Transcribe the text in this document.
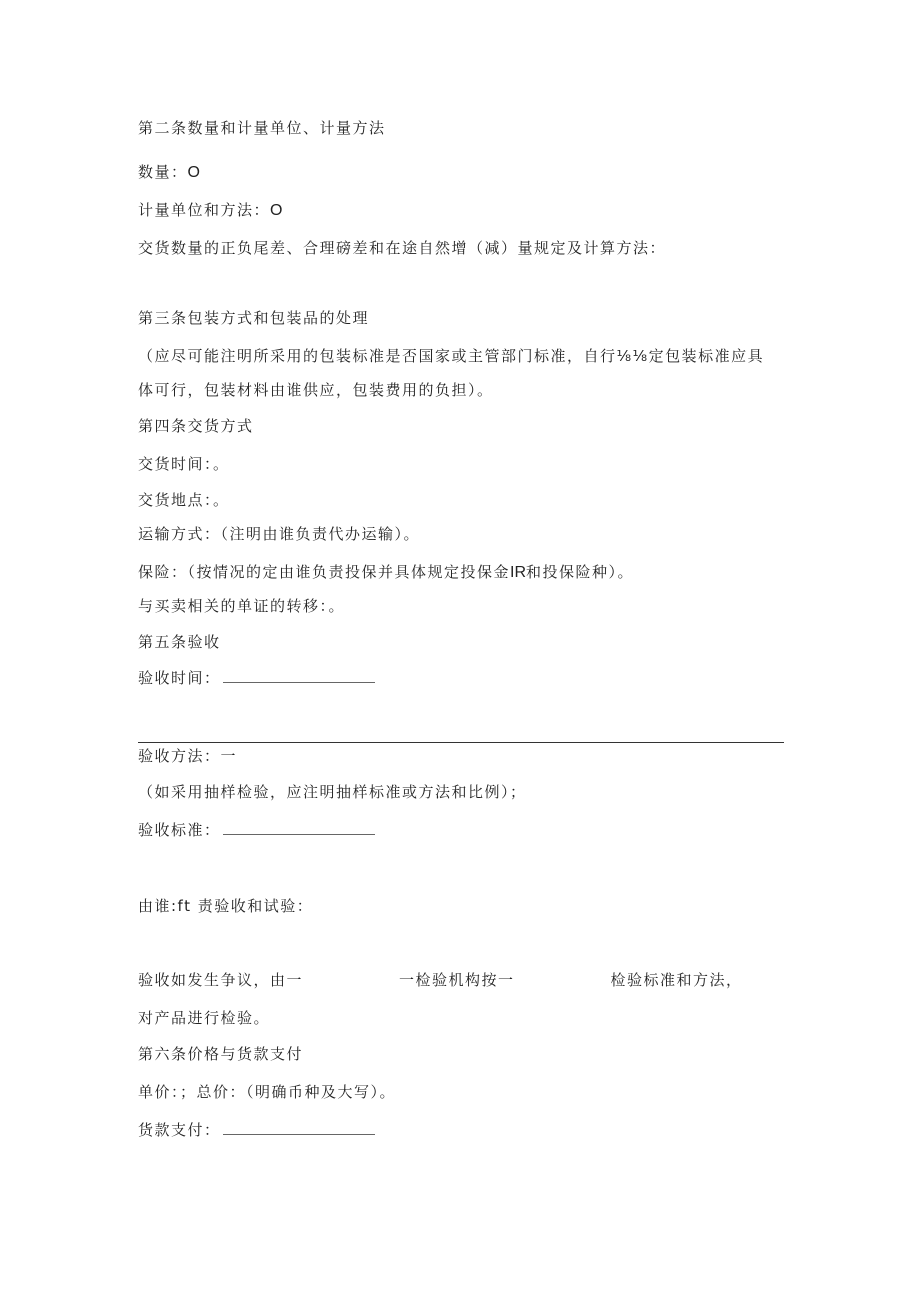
第二条数量和计量单位、计量方法
数量：O
计量单位和方法：O
交货数量的正负尾差、合理磅差和在途自然增（减）量规定及计算方法：
第三条包装方式和包装品的处理
（应尽可能注明所采用的包装标准是否国家或主管部门标准，自行⅛⅛定包装标准应具
体可行，包装材料由谁供应，包装费用的负担）。
第四条交货方式
交货时间：。
交货地点：。
运输方式：（注明由谁负责代办运输）。
保险：（按情况的定由谁负责投保并具体规定投保金IR和投保险种）。
与买卖相关的单证的转移：。
第五条验收
验收时间：
验收方法：一
（如采用抽样检验，应注明抽样标准或方法和比例）；
验收标准：
由谁:ft 责验收和试验：
验收如发生争议，由一	一检验机构按一	检验标准和方法，
对产品进行检验。
第六条价格与货款支付
单价：；总价：（明确币种及大写）。
货款支付：
